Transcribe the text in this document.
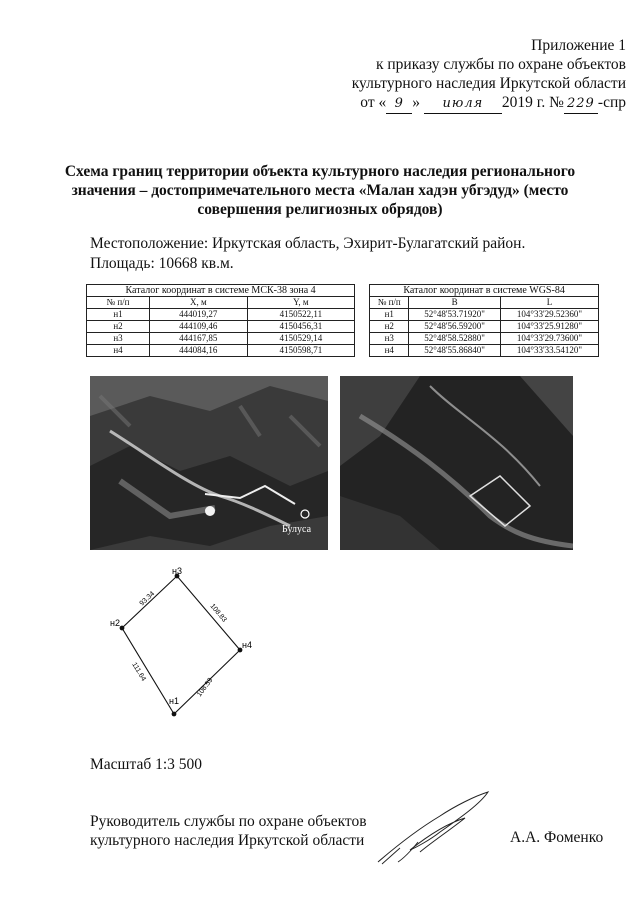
Приложение 1
к приказу службы по охране объектов
культурного наследия Иркутской области
от « 9 » июля 2019 г. № 229 -спр
Схема границ территории объекта культурного наследия регионального значения – достопримечательного места «Малан хадэн убгэдуд» (место совершения религиозных обрядов)
Местоположение: Иркутская область, Эхирит-Булагатский район.
Площадь: 10668 кв.м.
Каталог координат в системе МСК-38 зона 4				Каталог координат в системе WGS-84		
№ п/п	X, м	Y, м		№ п/п	B	L
н1	444019,27	4150522,11		н1	52°48'53.71920"	104°33'29.52360"
н2	444109,46	4150456,31		н2	52°48'56.59200"	104°33'25.91280"
н3	444167,85	4150529,14		н3	52°48'58.52880"	104°33'29.73600"
н4	444084,16	4150598,71		н4	52°48'55.86840"	104°33'33.54120"
Булуса
н1
н2
н3
н4
111.64
93.34
108.83
108.59
Масштаб 1:3 500
Руководитель службы по охране объектов
культурного наследия Иркутской области	А.А. Фоменко
